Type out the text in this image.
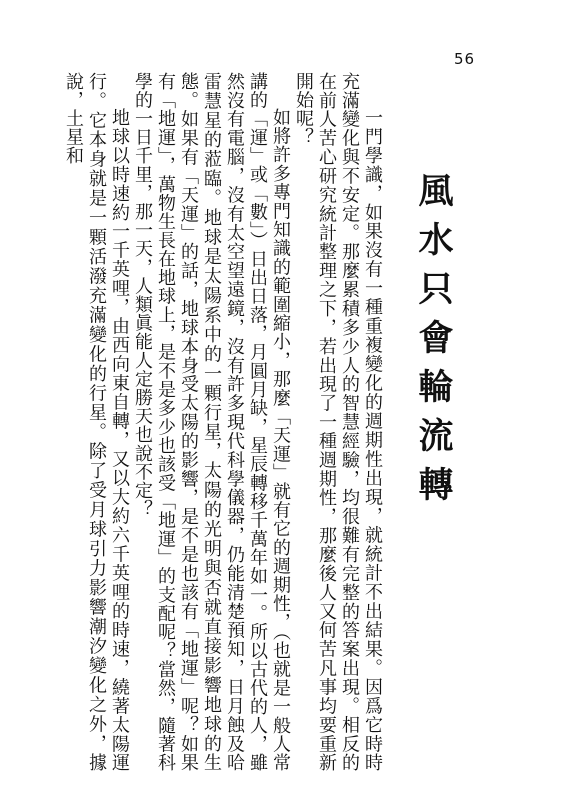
56
風水只會輪流轉

一門學識，如果沒有一種重複變化的週期性出現，就統計不出結果。因爲它時時充滿變化與不安定。那麼累積多少人的智慧經驗，均很難有完整的答案出現。相反的在前人苦心研究統計整理之下，若出現了一種週期性，那麼後人又何苦凡事均要重新開始呢？

如將許多專門知識的範圍縮小，那麼「天運」就有它的週期性，（也就是一般人常講的「運」或「數」）日出日落，月圓月缺，星辰轉移千萬年如一。所以古代的人，雖然沒有電腦，沒有太空望遠鏡，沒有許多現代科學儀器，仍能清楚預知，日月蝕及哈雷慧星的蒞臨。地球是太陽系中的一顆行星，太陽的光明與否就直接影響地球的生態。如果有「天運」的話，地球本身受太陽的影響，是不是也該有「地運」呢？如果有「地運」，萬物生長在地球上，是不是多少也該受「地運」的支配呢？當然，隨著科學的一日千里，那一天，人類眞能人定勝天也說不定？

地球以時速約一千英哩，由西向東自轉，又以大約六千英哩的時速，繞著太陽運行。它本身就是一顆活潑充滿變化的行星。除了受月球引力影響潮汐變化之外，據說，土星和
